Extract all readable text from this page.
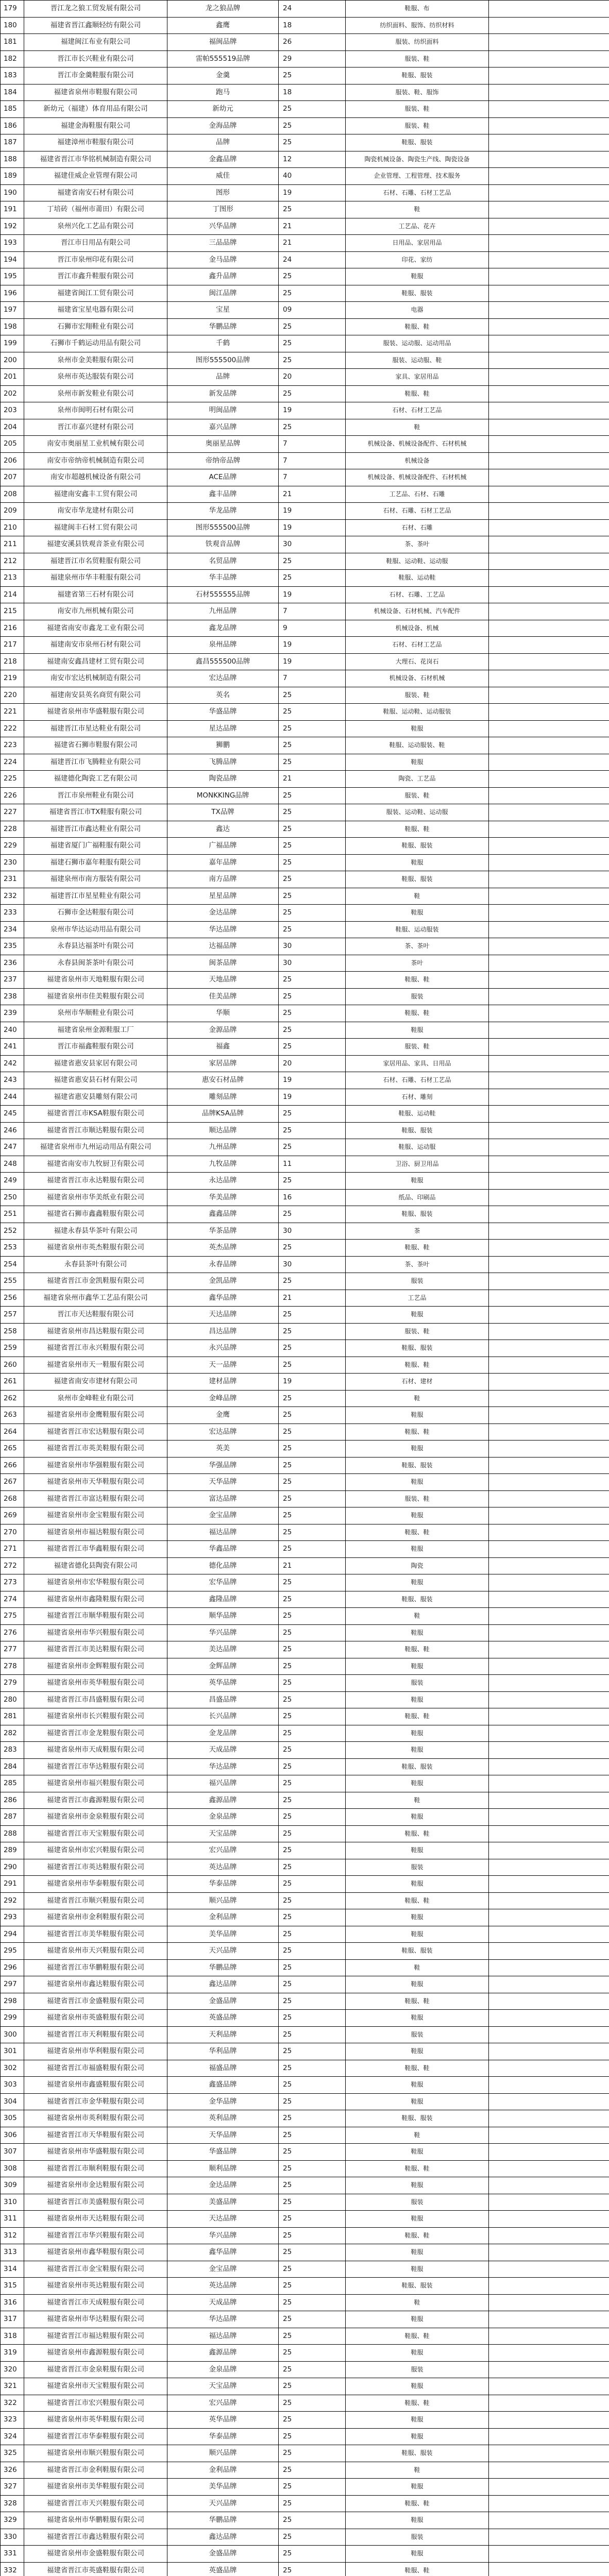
179	晋江龙之狼工贸发展有限公司	龙之狼品牌	24	鞋服、布	
180	福建省晋江鑫顺轻纺有限公司	鑫鹰	18	纺织面料、服饰、纺织材料	
181	福建闽江布业有限公司	福闽品牌	26	服装、纺织面料	
182	晋江市长兴鞋业有限公司	雷帕555519品牌	29	服装、鞋	
183	晋江市金羹鞋服有限公司	金羹	25	鞋服、服装	
184	福建省泉州市鞋服有限公司	跑马	18	服装、鞋、服饰	
185	新幼元（福建）体育用品有限公司	新幼元	25	服装、鞋	
186	福建金海鞋服有限公司	金海品牌	25	服装、鞋	
187	福建漳州市鞋服有限公司	品牌	25	鞋服、服装	
188	福建省晋江市华铭机械制造有限公司	金鑫品牌	12	陶瓷机械设备、陶瓷生产线、陶瓷设备	
189	福建佳威企业管理有限公司	威佳	40	企业管理、工程管理、技术服务	
190	福建省南安石材有限公司	图形	19	石材、石雕、石材工艺品	
191	丁培砖（福州市莆田）有限公司	丁图形	25	鞋	
192	泉州兴化工艺品有限公司	兴华品牌	21	工艺品、花卉	
193	晋江市日用品有限公司	三品品牌	21	日用品、家居用品	
194	晋江市泉州印花有限公司	金马品牌	24	印花、家纺	
195	晋江市鑫升鞋服有限公司	鑫升品牌	25	鞋服	
196	福建省闽江工贸有限公司	闽江品牌	25	鞋服、服装	
197	福建省宝星电器有限公司	宝星	09	电器	
198	石狮市宏翔鞋业有限公司	华鹏品牌	25	鞋服、鞋	
199	石狮市千鹤运动用品有限公司	千鹤	25	服装、运动服、运动用品	
200	泉州市金美鞋服有限公司	图形555500品牌	25	服装、运动服、鞋	
201	泉州市英达服装有限公司	品牌	20	家具、家居用品	
202	泉州市新发鞋业有限公司	新发品牌	25	鞋服、鞋	
203	泉州市闽明石材有限公司	明闽品牌	19	石材、石材工艺品	
204	晋江市嘉兴建材有限公司	嘉兴品牌	25	鞋	
205	南安市奥丽星工业机械有限公司	奥丽星品牌	7	机械设备、机械设备配件、石材机械	
206	南安市帝纳帝机械制造有限公司	帝纳帝品牌	7	机械设备	
207	南安市超越机械设备有限公司	ACE品牌	7	机械设备、机械设备配件、石材机械	
208	福建南安鑫丰工贸有限公司	鑫丰品牌	21	工艺品、石材、石雕	
209	南安市华龙建材有限公司	华龙品牌	19	石材、石雕、石材工艺品	
210	福建闽丰石材工贸有限公司	图形555500品牌	19	石材、石雕	
211	福建安溪县铁观音茶业有限公司	铁观音品牌	30	茶、茶叶	
212	福建晋江市名贸鞋服有限公司	名贸品牌	25	鞋服、运动鞋、运动服	
213	福建泉州市华丰鞋服有限公司	华丰品牌	25	鞋服、运动鞋	
214	福建省第三石材有限公司	石材555555品牌	19	石材、石雕、工艺品	
215	南安市九州机械有限公司	九州品牌	7	机械设备、石材机械、汽车配件	
216	福建省南安市鑫龙工业有限公司	鑫龙品牌	9	机械设备、机械	
217	福建南安市泉州石材有限公司	泉州品牌	19	石材、石材工艺品	
218	福建南安鑫昌建材工贸有限公司	鑫昌555500品牌	19	大理石、花岗石	
219	南安市宏达机械制造有限公司	宏达品牌	7	机械设备、石材机械	
220	福建南安县英名商贸有限公司	英名	25	服装、鞋	
221	福建省泉州市华盛鞋服有限公司	华盛品牌	25	鞋服、运动鞋、运动服装	
222	福建晋江市星达鞋业有限公司	星达品牌	25	鞋服	
223	福建省石狮市鞋服有限公司	狮鹏	25	鞋服、运动服装、鞋	
224	福建晋江市飞腾鞋业有限公司	飞腾品牌	25	鞋服	
225	福建德化陶瓷工艺有限公司	陶瓷品牌	21	陶瓷、工艺品	
226	晋江市泉州鞋业有限公司	MONKKING品牌	25	服装、鞋	
227	福建省晋江市TX鞋服有限公司	TX品牌	25	服装、运动鞋、运动服	
228	福建晋江市鑫达鞋业有限公司	鑫达	25	鞋服、鞋	
229	福建省厦门广福鞋服有限公司	广福品牌	25	鞋服、服装	
230	福建石狮市嘉年鞋服有限公司	嘉年品牌	25	鞋服	
231	福建泉州市南方服装有限公司	南方品牌	25	鞋服、服装	
232	福建晋江市星星鞋业有限公司	星星品牌	25	鞋	
233	石狮市金达鞋服有限公司	金达品牌	25	鞋服	
234	泉州市华达运动用品有限公司	华达品牌	25	鞋服、运动服装	
235	永春县达福茶叶有限公司	达福品牌	30	茶、茶叶	
236	永春县闽茶茶叶有限公司	闽茶品牌	30	茶叶	
237	福建省泉州市天地鞋服有限公司	天地品牌	25	鞋服、鞋	
238	福建省泉州市佳美鞋服有限公司	佳美品牌	25	服装	
239	泉州市华顺鞋业有限公司	华顺	25	鞋服、鞋	
240	福建省泉州金源鞋服工厂	金源品牌	25	鞋服	
241	晋江市福鑫鞋服有限公司	福鑫	25	服装、鞋	
242	福建省惠安县家居有限公司	家居品牌	20	家居用品、家具、日用品	
243	福建省惠安县石材有限公司	惠安石材品牌	19	石材、石雕、石材工艺品	
244	福建省惠安县雕刻有限公司	雕刻品牌	19	石材、雕刻	
245	福建省晋江市KSA鞋服有限公司	品牌KSA品牌	25	鞋服、运动鞋	
246	福建省晋江市顺达鞋服有限公司	顺达品牌	25	鞋服、服装	
247	福建省泉州市九州运动用品有限公司	九州品牌	25	鞋服、运动服	
248	福建省南安市九牧厨卫有限公司	九牧品牌	11	卫浴、厨卫用品	
249	福建省晋江市永达鞋服有限公司	永达品牌	25	鞋服	
250	福建省泉州市华美纸业有限公司	华美品牌	16	纸品、印刷品	
251	福建省石狮市鑫鑫鞋服有限公司	鑫鑫品牌	25	鞋服、服装	
252	福建永春县华茶叶有限公司	华茶品牌	30	茶	
253	福建省泉州市英杰鞋服有限公司	英杰品牌	25	鞋服、鞋	
254	永春县茶叶有限公司	永春品牌	30	茶、茶叶	
255	福建省晋江市金凯鞋服有限公司	金凯品牌	25	服装	
256	福建省泉州市鑫华工艺品有限公司	鑫华品牌	21	工艺品	
257	晋江市天达鞋服有限公司	天达品牌	25	鞋服	
258	福建省泉州市昌达鞋服有限公司	昌达品牌	25	服装、鞋	
259	福建省晋江市永兴鞋服有限公司	永兴品牌	25	鞋服、服装	
260	福建省泉州市天一鞋服有限公司	天一品牌	25	鞋服、鞋	
261	福建省南安市建材有限公司	建材品牌	19	石材、建材	
262	泉州市金峰鞋业有限公司	金峰品牌	25	鞋	
263	福建省泉州市金鹰鞋服有限公司	金鹰	25	鞋服	
264	福建省晋江市宏达鞋服有限公司	宏达品牌	25	鞋服、鞋	
265	福建省晋江市英美鞋服有限公司	英美	25	鞋服	
266	福建省泉州市华强鞋服有限公司	华强品牌	25	鞋服、服装	
267	福建省泉州市天华鞋服有限公司	天华品牌	25	鞋服	
268	福建省晋江市富达鞋服有限公司	富达品牌	25	服装、鞋	
269	福建省泉州市金宝鞋服有限公司	金宝品牌	25	鞋服	
270	福建省泉州市福达鞋服有限公司	福达品牌	25	鞋服、鞋	
271	福建省晋江市华鑫鞋服有限公司	华鑫品牌	25	鞋服	
272	福建省德化县陶瓷有限公司	德化品牌	21	陶瓷	
273	福建省泉州市宏华鞋服有限公司	宏华品牌	25	鞋服	
274	福建省泉州市鑫隆鞋服有限公司	鑫隆品牌	25	鞋服、服装	
275	福建省晋江市顺华鞋服有限公司	顺华品牌	25	鞋	
276	福建省泉州市华兴鞋服有限公司	华兴品牌	25	鞋服	
277	福建省晋江市美达鞋服有限公司	美达品牌	25	鞋服、鞋	
278	福建省泉州市金辉鞋服有限公司	金辉品牌	25	鞋服	
279	福建省泉州市英华鞋服有限公司	英华品牌	25	服装	
280	福建省晋江市昌盛鞋服有限公司	昌盛品牌	25	鞋服	
281	福建省泉州市长兴鞋服有限公司	长兴品牌	25	鞋服、鞋	
282	福建省晋江市金龙鞋服有限公司	金龙品牌	25	鞋服	
283	福建省泉州市天成鞋服有限公司	天成品牌	25	鞋服	
284	福建省晋江市华达鞋服有限公司	华达品牌	25	鞋服、服装	
285	福建省泉州市福兴鞋服有限公司	福兴品牌	25	鞋服	
286	福建省晋江市鑫源鞋服有限公司	鑫源品牌	25	鞋	
287	福建省泉州市金泉鞋服有限公司	金泉品牌	25	鞋服	
288	福建省晋江市天宝鞋服有限公司	天宝品牌	25	鞋服、鞋	
289	福建省泉州市宏兴鞋服有限公司	宏兴品牌	25	鞋服	
290	福建省晋江市英达鞋服有限公司	英达品牌	25	服装	
291	福建省泉州市华泰鞋服有限公司	华泰品牌	25	鞋服	
292	福建省晋江市顺兴鞋服有限公司	顺兴品牌	25	鞋服、鞋	
293	福建省泉州市金利鞋服有限公司	金利品牌	25	鞋服	
294	福建省晋江市美华鞋服有限公司	美华品牌	25	鞋服	
295	福建省泉州市天兴鞋服有限公司	天兴品牌	25	鞋服、服装	
296	福建省晋江市华鹏鞋服有限公司	华鹏品牌	25	鞋	
297	福建省泉州市鑫达鞋服有限公司	鑫达品牌	25	鞋服	
298	福建省晋江市金盛鞋服有限公司	金盛品牌	25	鞋服、鞋	
299	福建省泉州市英盛鞋服有限公司	英盛品牌	25	鞋服	
300	福建省晋江市天利鞋服有限公司	天利品牌	25	服装	
301	福建省泉州市华利鞋服有限公司	华利品牌	25	鞋服	
302	福建省晋江市福盛鞋服有限公司	福盛品牌	25	鞋服、鞋	
303	福建省泉州市鑫盛鞋服有限公司	鑫盛品牌	25	鞋服	
304	福建省晋江市金华鞋服有限公司	金华品牌	25	鞋服	
305	福建省泉州市英利鞋服有限公司	英利品牌	25	鞋服、服装	
306	福建省晋江市天华鞋服有限公司	天华品牌	25	鞋	
307	福建省泉州市华盛鞋服有限公司	华盛品牌	25	鞋服	
308	福建省晋江市顺利鞋服有限公司	顺利品牌	25	鞋服、鞋	
309	福建省泉州市金达鞋服有限公司	金达品牌	25	鞋服	
310	福建省晋江市美盛鞋服有限公司	美盛品牌	25	服装	
311	福建省泉州市天达鞋服有限公司	天达品牌	25	鞋服	
312	福建省晋江市华兴鞋服有限公司	华兴品牌	25	鞋服、鞋	
313	福建省泉州市鑫华鞋服有限公司	鑫华品牌	25	鞋服	
314	福建省晋江市金宝鞋服有限公司	金宝品牌	25	鞋服	
315	福建省泉州市英达鞋服有限公司	英达品牌	25	鞋服、服装	
316	福建省晋江市天成鞋服有限公司	天成品牌	25	鞋	
317	福建省泉州市华达鞋服有限公司	华达品牌	25	鞋服	
318	福建省晋江市福达鞋服有限公司	福达品牌	25	鞋服、鞋	
319	福建省泉州市鑫源鞋服有限公司	鑫源品牌	25	鞋服	
320	福建省晋江市金泉鞋服有限公司	金泉品牌	25	服装	
321	福建省泉州市天宝鞋服有限公司	天宝品牌	25	鞋服	
322	福建省晋江市宏兴鞋服有限公司	宏兴品牌	25	鞋服、鞋	
323	福建省泉州市英华鞋服有限公司	英华品牌	25	鞋服	
324	福建省晋江市华泰鞋服有限公司	华泰品牌	25	鞋服	
325	福建省泉州市顺兴鞋服有限公司	顺兴品牌	25	鞋服、服装	
326	福建省晋江市金利鞋服有限公司	金利品牌	25	鞋	
327	福建省泉州市美华鞋服有限公司	美华品牌	25	鞋服	
328	福建省晋江市天兴鞋服有限公司	天兴品牌	25	鞋服、鞋	
329	福建省泉州市华鹏鞋服有限公司	华鹏品牌	25	鞋服	
330	福建省晋江市鑫达鞋服有限公司	鑫达品牌	25	服装	
331	福建省泉州市金盛鞋服有限公司	金盛品牌	25	鞋服	
332	福建省晋江市英盛鞋服有限公司	英盛品牌	25	鞋服、鞋	
